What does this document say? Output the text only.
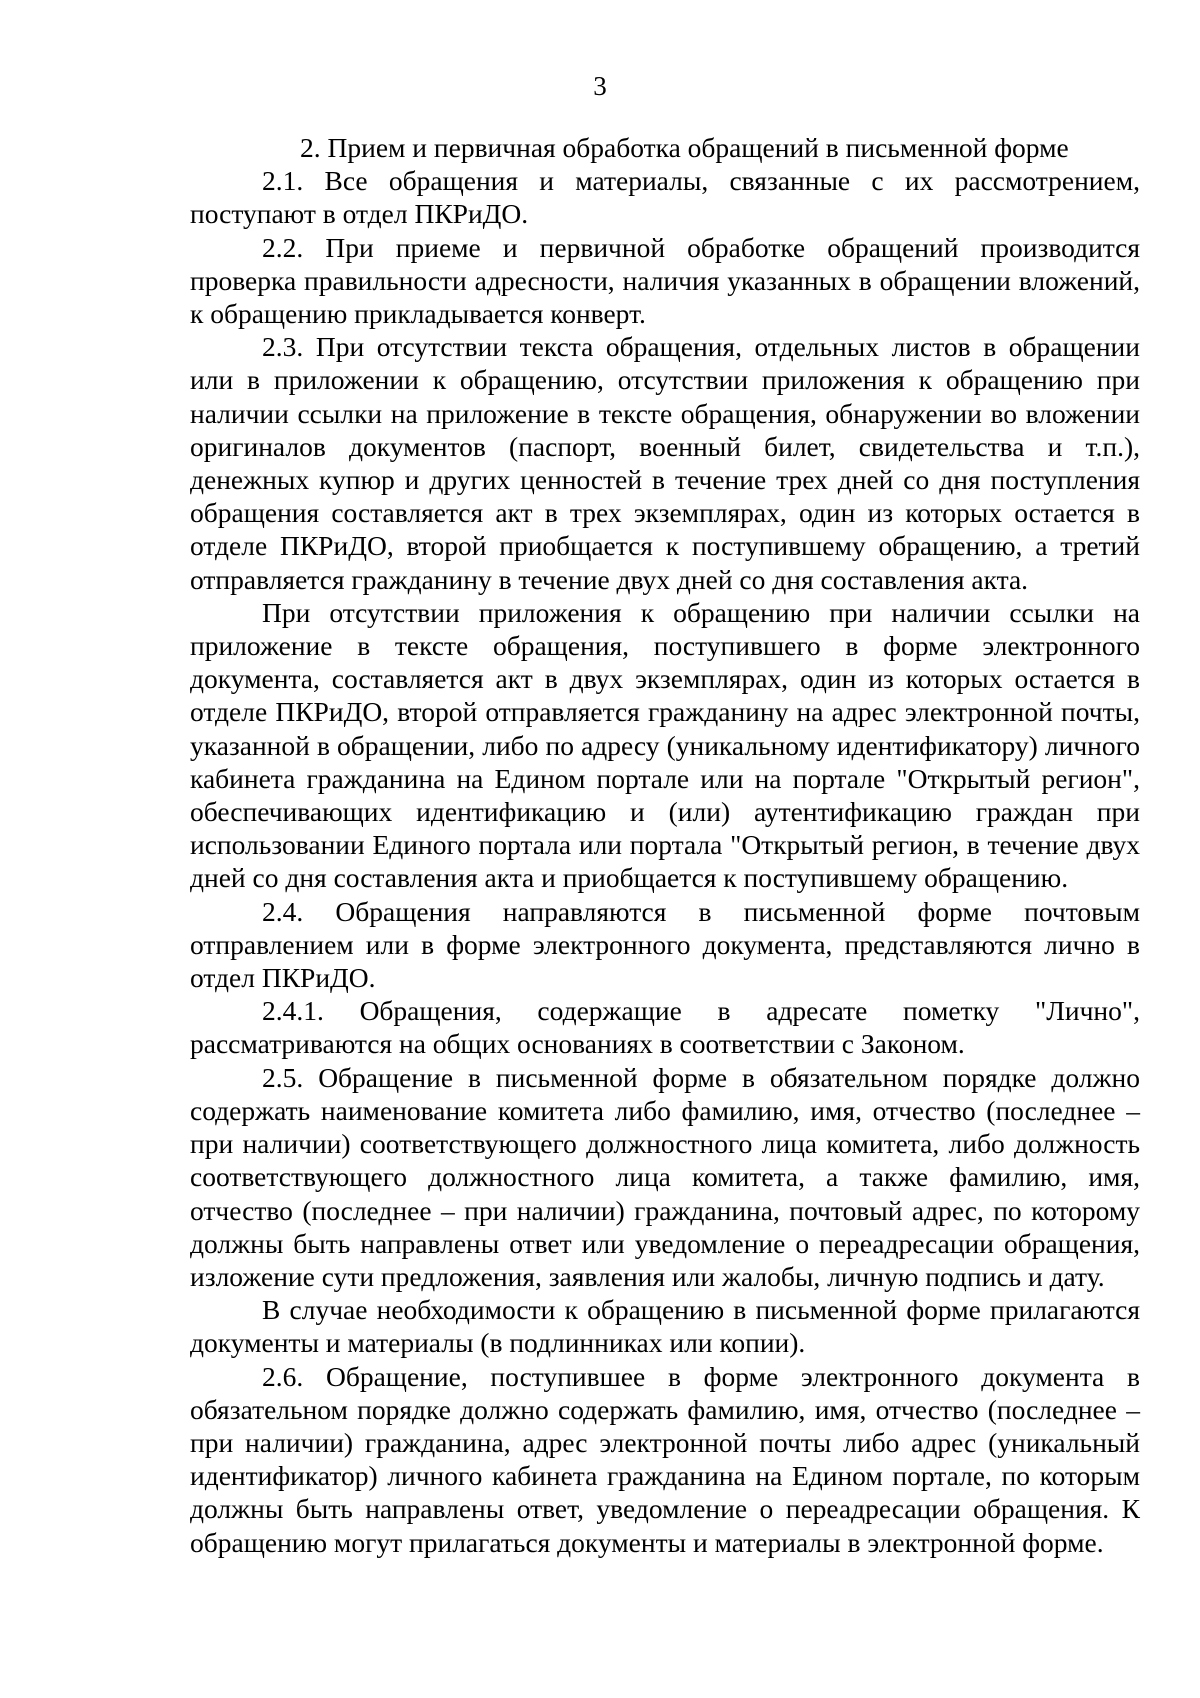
3

2. Прием и первичная обработка обращений в письменной форме

2.1. Все обращения и материалы, связанные с их рассмотрением, поступают в отдел ПКРиДО.

2.2. При приеме и первичной обработке обращений производится проверка правильности адресности, наличия указанных в обращении вложений, к обращению прикладывается конверт.

2.3. При отсутствии текста обращения, отдельных листов в обращении или в приложении к обращению, отсутствии приложения к обращению при наличии ссылки на приложение в тексте обращения, обнаружении во вложении оригиналов документов (паспорт, военный билет, свидетельства и т.п.), денежных купюр и других ценностей в течение трех дней со дня поступления обращения составляется акт в трех экземплярах, один из которых остается в отделе ПКРиДО, второй приобщается к поступившему обращению, а третий отправляется гражданину в течение двух дней со дня составления акта.

При отсутствии приложения к обращению при наличии ссылки на приложение в тексте обращения, поступившего в форме электронного документа, составляется акт в двух экземплярах, один из которых остается в отделе ПКРиДО, второй отправляется гражданину на адрес электронной почты, указанной в обращении, либо по адресу (уникальному идентификатору) личного кабинета гражданина на Едином портале или на портале "Открытый регион", обеспечивающих идентификацию и (или) аутентификацию граждан при использовании Единого портала или портала "Открытый регион, в течение двух дней со дня составления акта и приобщается к поступившему обращению.

2.4. Обращения направляются в письменной форме почтовым отправлением или в форме электронного документа, представляются лично в отдел ПКРиДО.

2.4.1. Обращения, содержащие в адресате пометку "Лично", рассматриваются на общих основаниях в соответствии с Законом.

2.5. Обращение в письменной форме в обязательном порядке должно содержать наименование комитета либо фамилию, имя, отчество (последнее – при наличии) соответствующего должностного лица комитета, либо должность соответствующего должностного лица комитета, а также фамилию, имя, отчество (последнее – при наличии) гражданина, почтовый адрес, по которому должны быть направлены ответ или уведомление о переадресации обращения, изложение сути предложения, заявления или жалобы, личную подпись и дату.

В случае необходимости к обращению в письменной форме прилагаются документы и материалы (в подлинниках или копии).

2.6. Обращение, поступившее в форме электронного документа в обязательном порядке должно содержать фамилию, имя, отчество (последнее – при наличии) гражданина, адрес электронной почты либо адрес (уникальный идентификатор) личного кабинета гражданина на Едином портале, по которым должны быть направлены ответ, уведомление о переадресации обращения. К обращению могут прилагаться документы и материалы в электронной форме.
